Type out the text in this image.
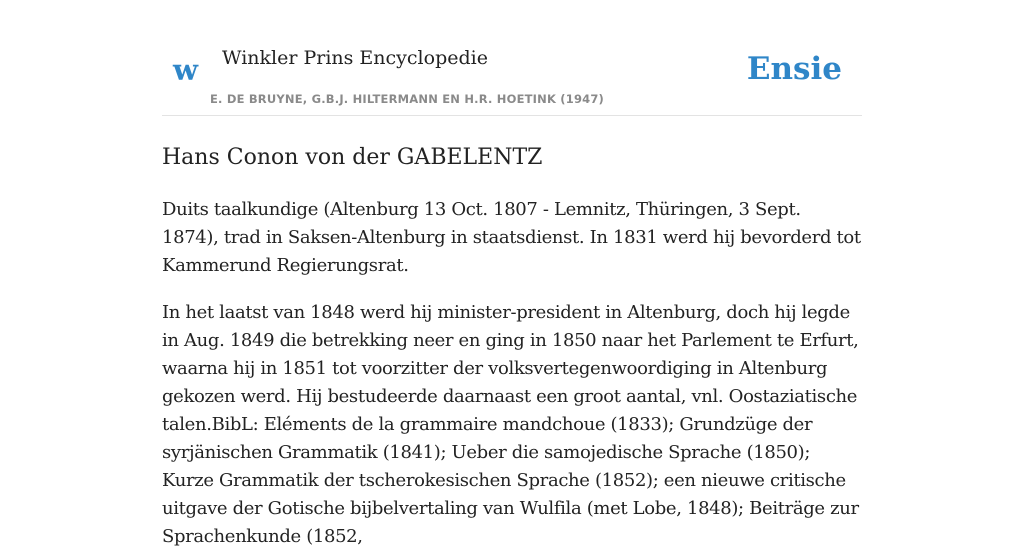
w Winkler Prins Encyclopedie
E. DE BRUYNE, G.B.J. HILTERMANN EN H.R. HOETINK (1947)
Ensie
Hans Conon von der GABELENTZ

Duits taalkundige (Altenburg 13 Oct. 1807 - Lemnitz, Thüringen, 3 Sept. 1874), trad in Saksen-Altenburg in staatsdienst. In 1831 werd hij bevorderd tot Kammerund Regierungsrat.

In het laatst van 1848 werd hij minister-president in Altenburg, doch hij legde in Aug. 1849 die betrekking neer en ging in 1850 naar het Parlement te Erfurt, waarna hij in 1851 tot voorzitter der volksvertegenwoordiging in Altenburg gekozen werd. Hij bestudeerde daarnaast een groot aantal, vnl. Oostaziatische talen.BibL: Eléments de la grammaire mandchoue (1833); Grundzüge der syrjänischen Grammatik (1841); Ueber die samojedische Sprache (1850); Kurze Grammatik der tscherokesischen Sprache (1852); een nieuwe critische uitgave der Gotische bijbelvertaling van Wulfila (met Lobe, 1848); Beiträge zur Sprachenkunde (1852,
